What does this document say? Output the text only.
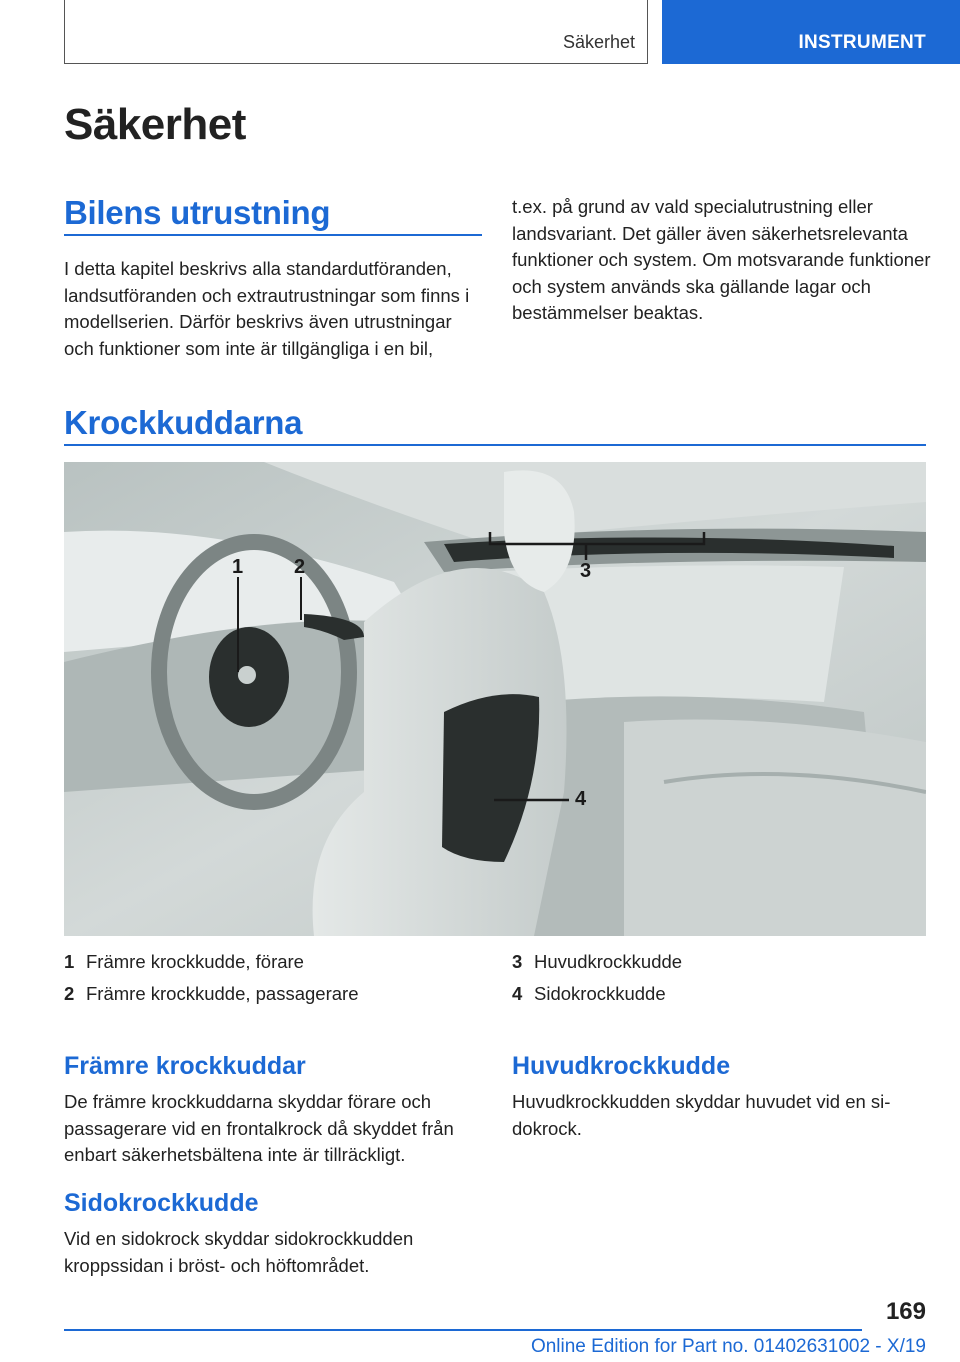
Säkerhet	INSTRUMENT
Säkerhet
Bilens utrustning

I detta kapitel beskrivs alla standardutföranden, landsutföranden och extrautrustningar som finns i modellserien. Därför beskrivs även utrustningar och funktioner som inte är tillgängliga i en bil,

t.ex. på grund av vald specialutrustning eller landsvariant. Det gäller även säkerhetsrelevanta funktioner och system. Om motsvarande funktioner och system används ska gällande lagar och bestämmelser beaktas.

Krockkuddarna
1	2	3
4
1 Främre krockkudde, förare
2 Främre krockkudde, passagerare
3 Huvudkrockkudde
4 Sidokrockkudde
Främre krockkuddar

De främre krockkuddarna skyddar förare och passagerare vid en frontalkrock då skyddet från enbart säkerhetsbältena inte är tillräckligt.

Sidokrockkudde

Vid en sidokrock skyddar sidokrockkudden kroppssidan i bröst- och höftområdet.

Huvudkrockkudde

Huvudkrockkudden skyddar huvudet vid en sidokrock.

169
Online Edition for Part no. 01402631002 - X/19
